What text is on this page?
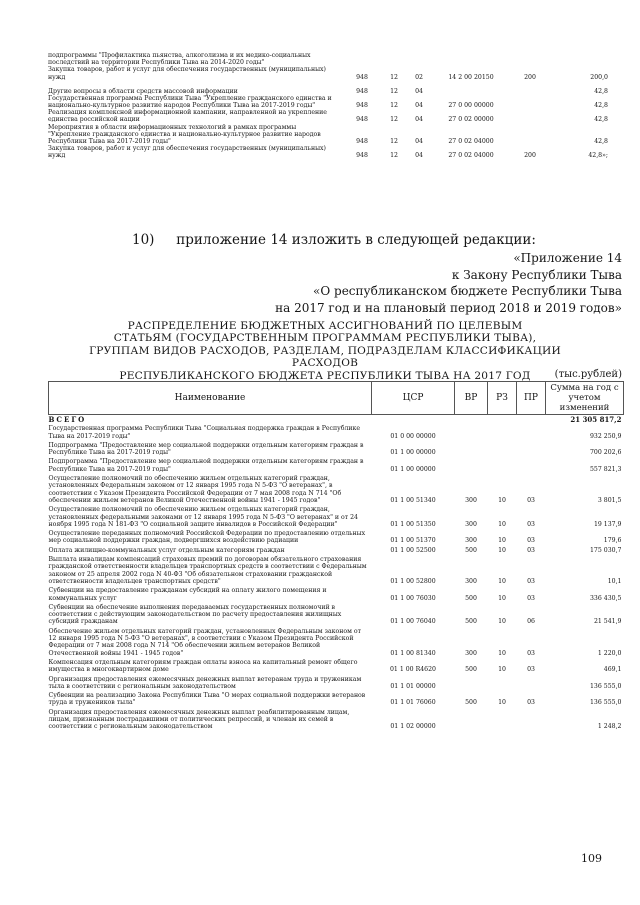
подпрограммы "Профилактика пьянства, алкоголизма и их медико-социальных последствий на территории Республики Тыва на 2014-2020 годы"						
Закупка товаров, работ и услуг для обеспечения государственных (муниципальных) нужд	948	12	02	14 2 00 20150	200	200,0
Другие вопросы в области средств массовой информации	948	12	04			42,8
Государственная программа Республики Тыва "Укрепление гражданского единства и национально-культурное развитие народов Республики Тыва на 2017-2019 годы"	948	12	04	27 0 00 00000		42,8
Реализация комплексной информационной кампании, направленной на укрепление единства российской нации	948	12	04	27 0 02 00000		42,8
Мероприятия в области информационных технологий в рамках программы "Укрепление гражданского единства и национально-культурное развитие народов Республики Тыва на 2017-2019 годы"	948	12	04	27 0 02 04000		42,8
Закупка товаров, работ и услуг для обеспечения государственных (муниципальных) нужд	948	12	04	27 0 02 04000	200	42,8»;
10) приложение 14 изложить в следующей редакции:
«Приложение 14
к Закону Республики Тыва
«О республиканском бюджете Республики Тыва
на 2017 год и на плановый период 2018 и 2019 годов»
РАСПРЕДЕЛЕНИЕ БЮДЖЕТНЫХ АССИГНОВАНИЙ ПО ЦЕЛЕВЫМ
СТАТЬЯМ (ГОСУДАРСТВЕННЫМ ПРОГРАММАМ РЕСПУБЛИКИ ТЫВА),
ГРУППАМ ВИДОВ РАСХОДОВ, РАЗДЕЛАМ, ПОДРАЗДЕЛАМ КЛАССИФИКАЦИИ РАСХОДОВ
РЕСПУБЛИКАНСКОГО БЮДЖЕТА РЕСПУБЛИКИ ТЫВА НА 2017 ГОД	(тыс.рублей)
Наименование	ЦСР	ВР	РЗ	ПР	Сумма на год с учетом изменений
ВСЕГО					21 305 817,2
Государственная программа Республики Тыва "Социальная поддержка граждан в Республике Тыва на 2017-2019 годы"	01 0 00 00000				932 250,9
Подпрограмма "Предоставление мер социальной поддержки отдельным категориям граждан в Республике Тыва на 2017-2019 годы"	01 1 00 00000				700 202,6
Подпрограмма "Предоставление мер социальной поддержки отдельным категориям граждан в Республике Тыва на 2017-2019 годы"	01 1 00 00000				557 821,3
Осуществление полномочий по обеспечению жильем отдельных категорий граждан, установленных Федеральным законом от 12 января 1995 года N 5-ФЗ "О ветеранах", в соответствии с Указом Президента Российской Федерации от 7 мая 2008 года N 714 "Об обеспечении жильем ветеранов Великой Отечественной войны 1941 - 1945 годов"	01 1 00 51340	300	10	03	3 801,5
Осуществление полномочий по обеспечению жильем отдельных категорий граждан, установленных федеральными законами от 12 января 1995 года N 5-ФЗ "О ветеранах" и от 24 ноября 1995 года N 181-ФЗ "О социальной защите инвалидов в Российской Федерации"	01 1 00 51350	300	10	03	19 137,9
Осуществление переданных полномочий Российской Федерации по предоставлению отдельных мер социальной поддержки граждан, подвергшихся воздействию радиации	01 1 00 51370	300	10	03	179,6
Оплата жилищно-коммунальных услуг отдельным категориям граждан	01 1 00 52500	500	10	03	175 030,7
Выплата инвалидам компенсаций страховых премий по договорам обязательного страхования гражданской ответственности владельцев транспортных средств в соответствии с Федеральным законом от 25 апреля 2002 года N 40-ФЗ "Об обязательном страховании гражданской ответственности владельцев транспортных средств"	01 1 00 52800	300	10	03	10,1
Субвенции на предоставление гражданам субсидий на оплату жилого помещения и коммунальных услуг	01 1 00 76030	500	10	03	336 430,5
Субвенции на обеспечение выполнения передаваемых государственных полномочий в соответствии с действующим законодательством по расчету предоставления жилищных субсидий гражданам	01 1 00 76040	500	10	06	21 541,9
Обеспечение жильем отдельных категорий граждан, установленных Федеральным законом от 12 января 1995 года N 5-ФЗ "О ветеранах", в соответствии с Указом Президента Российской Федерации от 7 мая 2008 года N 714 "Об обеспечении жильем ветеранов Великой Отечественной войны 1941 - 1945 годов"	01 1 00 81340	300	10	03	1 220,0
Компенсация отдельным категориям граждан оплаты взноса на капитальный ремонт общего имущества в многоквартирном доме	01 1 00 R4620	500	10	03	469,1
Организация предоставления ежемесячных денежных выплат ветеранам труда и труженикам тыла в соответствии с региональным законодательством	01 1 01 00000				136 555,0
Субвенции на реализацию Закона Республики Тыва "О мерах социальной поддержки ветеранов труда и тружеников тыла"	01 1 01 76060	500	10	03	136 555,0
Организация предоставления ежемесячных денежных выплат реабилитированным лицам, лицам, признанным пострадавшими от политических репрессий, и членам их семей в соответствии с региональным законодательством	01 1 02 00000				1 248,2
109
